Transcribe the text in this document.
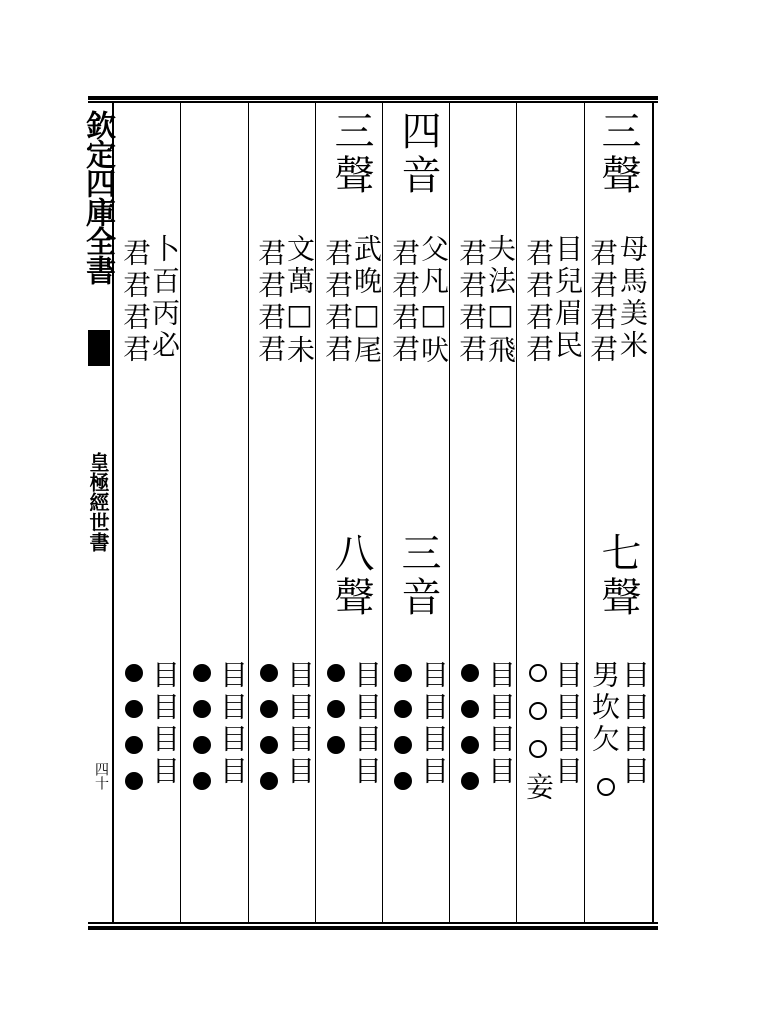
欽定四庫全書
皇極經世書
四十
三聲
母馬美米
君君君君
七聲
目目目目
男坎欠
目兒眉民
君君君君
目目目目
妾
夫法□飛
君君君君
目目目目
四音
父凡□吠
君君君君
三音
目目目目
三聲
武晚□尾
君君君君
八聲
目目目目
文萬□未
君君君君
目目目目
目目目目
卜百丙必
君君君君
目目目目
